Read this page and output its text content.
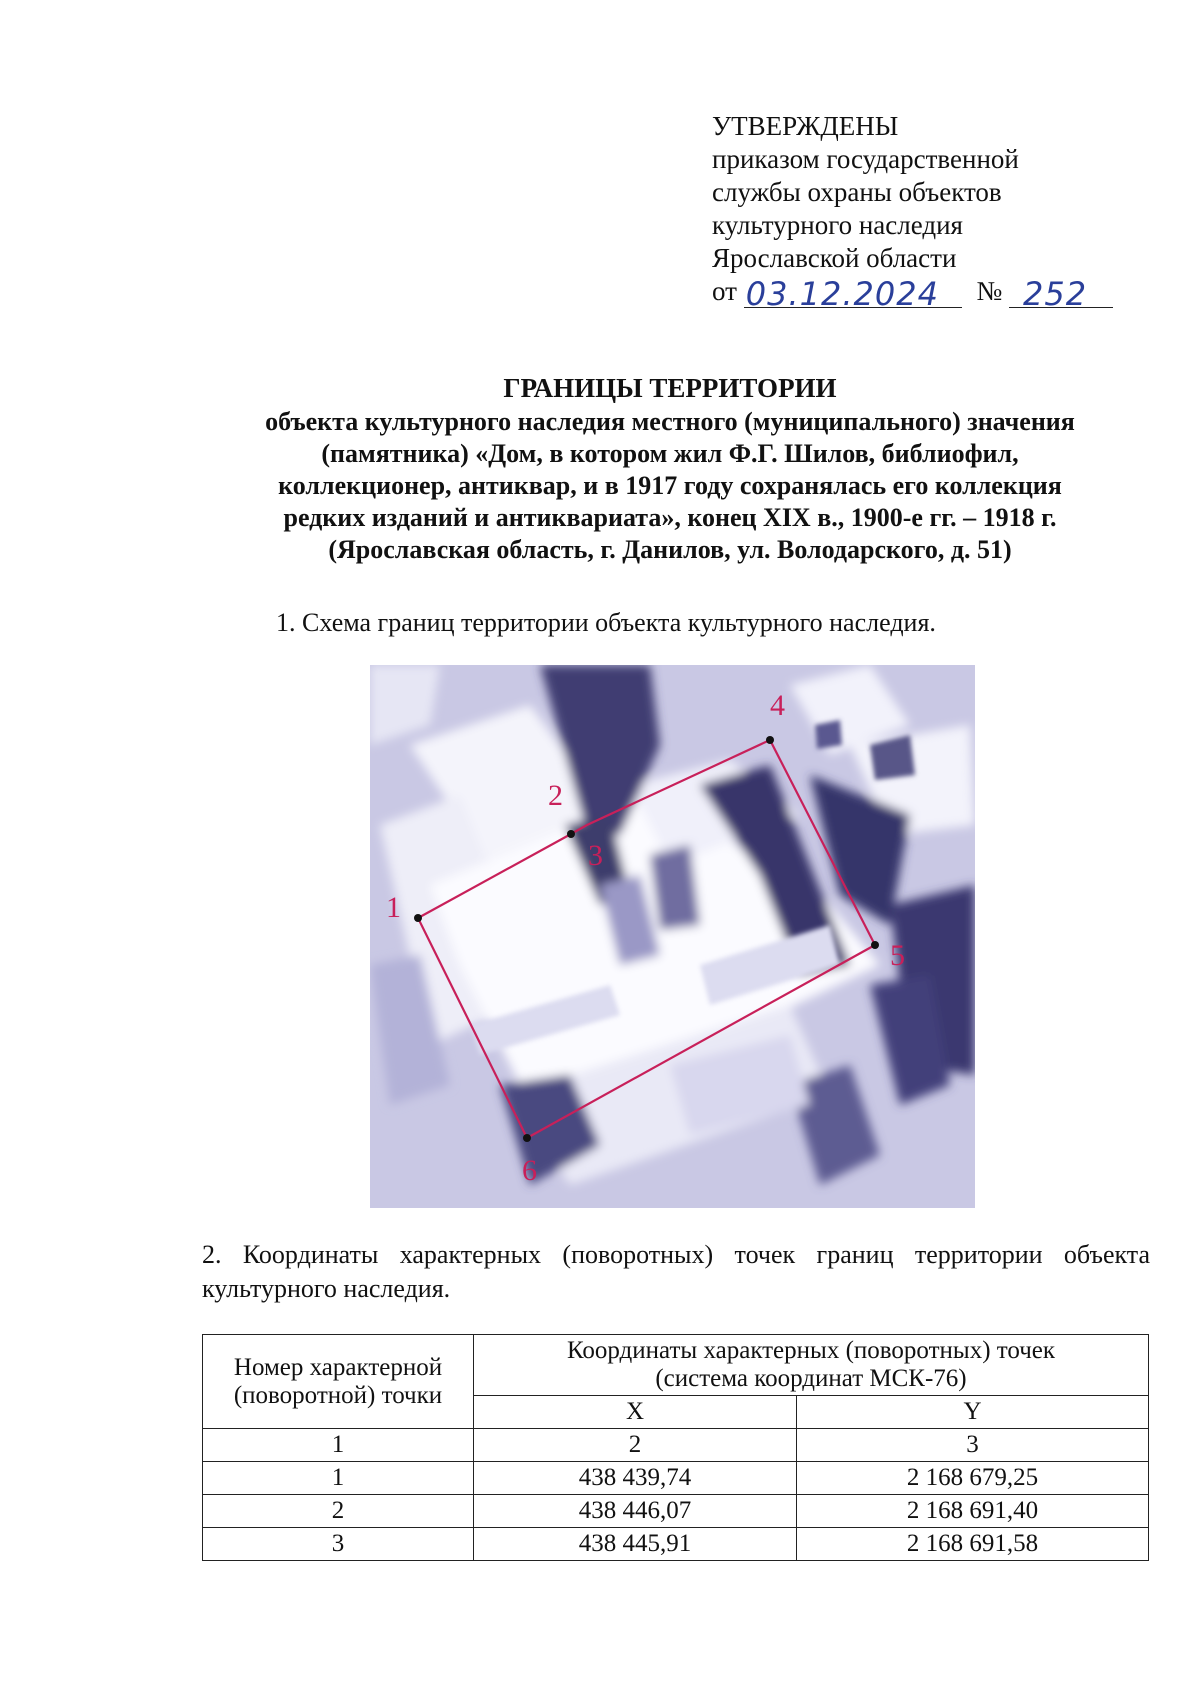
УТВЕРЖДЕНЫ
приказом государственной
службы охраны объектов
культурного наследия
Ярославской области
от 03.12.2024 № 252
ГРАНИЦЫ ТЕРРИТОРИИ
объекта культурного наследия местного (муниципального) значения
(памятника) «Дом, в котором жил Ф.Г. Шилов, библиофил,
коллекционер, антиквар, и в 1917 году сохранялась его коллекция
редких изданий и антиквариата», конец XIX в., 1900-е гг. – 1918 г.
(Ярославская область, г. Данилов, ул. Володарского, д. 51)
1. Схема границ территории объекта культурного наследия.
1
2
3
4
5
6
2. Координаты характерных (поворотных) точек границ территории объекта культурного наследия.
Номер характерной (поворотной) точки	Координаты характерных (поворотных) точек
(система координат МСК-76)	
	X	Y
1	2	3
1	438 439,74	2 168 679,25
2	438 446,07	2 168 691,40
3	438 445,91	2 168 691,58
